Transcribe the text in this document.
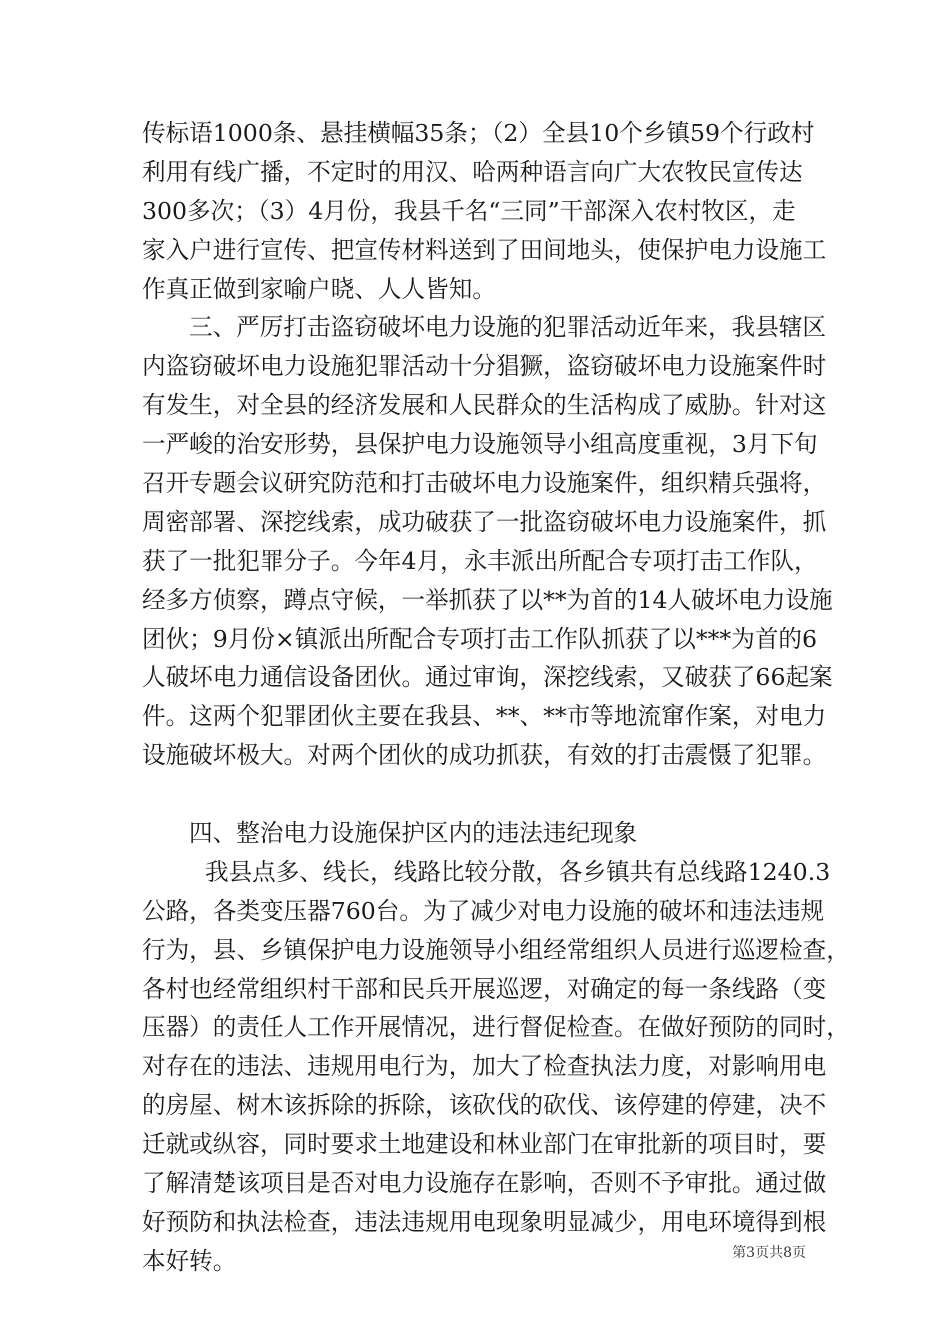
传标语1000条、悬挂横幅35条；（2）全县10个乡镇59个行政村
利用有线广播，不定时的用汉、哈两种语言向广大农牧民宣传达
300多次；（3）4月份，我县千名“三同”干部深入农村牧区，走
家入户进行宣传、把宣传材料送到了田间地头，使保护电力设施工
作真正做到家喻户晓、人人皆知。
三、严厉打击盗窃破坏电力设施的犯罪活动近年来，我县辖区
内盗窃破坏电力设施犯罪活动十分猖獗，盗窃破坏电力设施案件时
有发生，对全县的经济发展和人民群众的生活构成了威胁。针对这
一严峻的治安形势，县保护电力设施领导小组高度重视，3月下旬
召开专题会议研究防范和打击破坏电力设施案件，组织精兵强将，
周密部署、深挖线索，成功破获了一批盗窃破坏电力设施案件，抓
获了一批犯罪分子。今年4月，永丰派出所配合专项打击工作队，
经多方侦察，蹲点守候，一举抓获了以**为首的14人破坏电力设施
团伙；9月份×镇派出所配合专项打击工作队抓获了以***为首的6
人破坏电力通信设备团伙。通过审询，深挖线索，又破获了66起案
件。这两个犯罪团伙主要在我县、**、**市等地流窜作案，对电力
设施破坏极大。对两个团伙的成功抓获，有效的打击震慑了犯罪。
四、整治电力设施保护区内的违法违纪现象
我县点多、线长，线路比较分散，各乡镇共有总线路1240.3
公路，各类变压器760台。为了减少对电力设施的破坏和违法违规
行为，县、乡镇保护电力设施领导小组经常组织人员进行巡逻检查，
各村也经常组织村干部和民兵开展巡逻，对确定的每一条线路（变
压器）的责任人工作开展情况，进行督促检查。在做好预防的同时，
对存在的违法、违规用电行为，加大了检查执法力度，对影响用电
的房屋、树木该拆除的拆除，该砍伐的砍伐、该停建的停建，决不
迁就或纵容，同时要求土地建设和林业部门在审批新的项目时，要
了解清楚该项目是否对电力设施存在影响，否则不予审批。通过做
好预防和执法检查，违法违规用电现象明显减少，用电环境得到根
本好转。	第3页共8页
